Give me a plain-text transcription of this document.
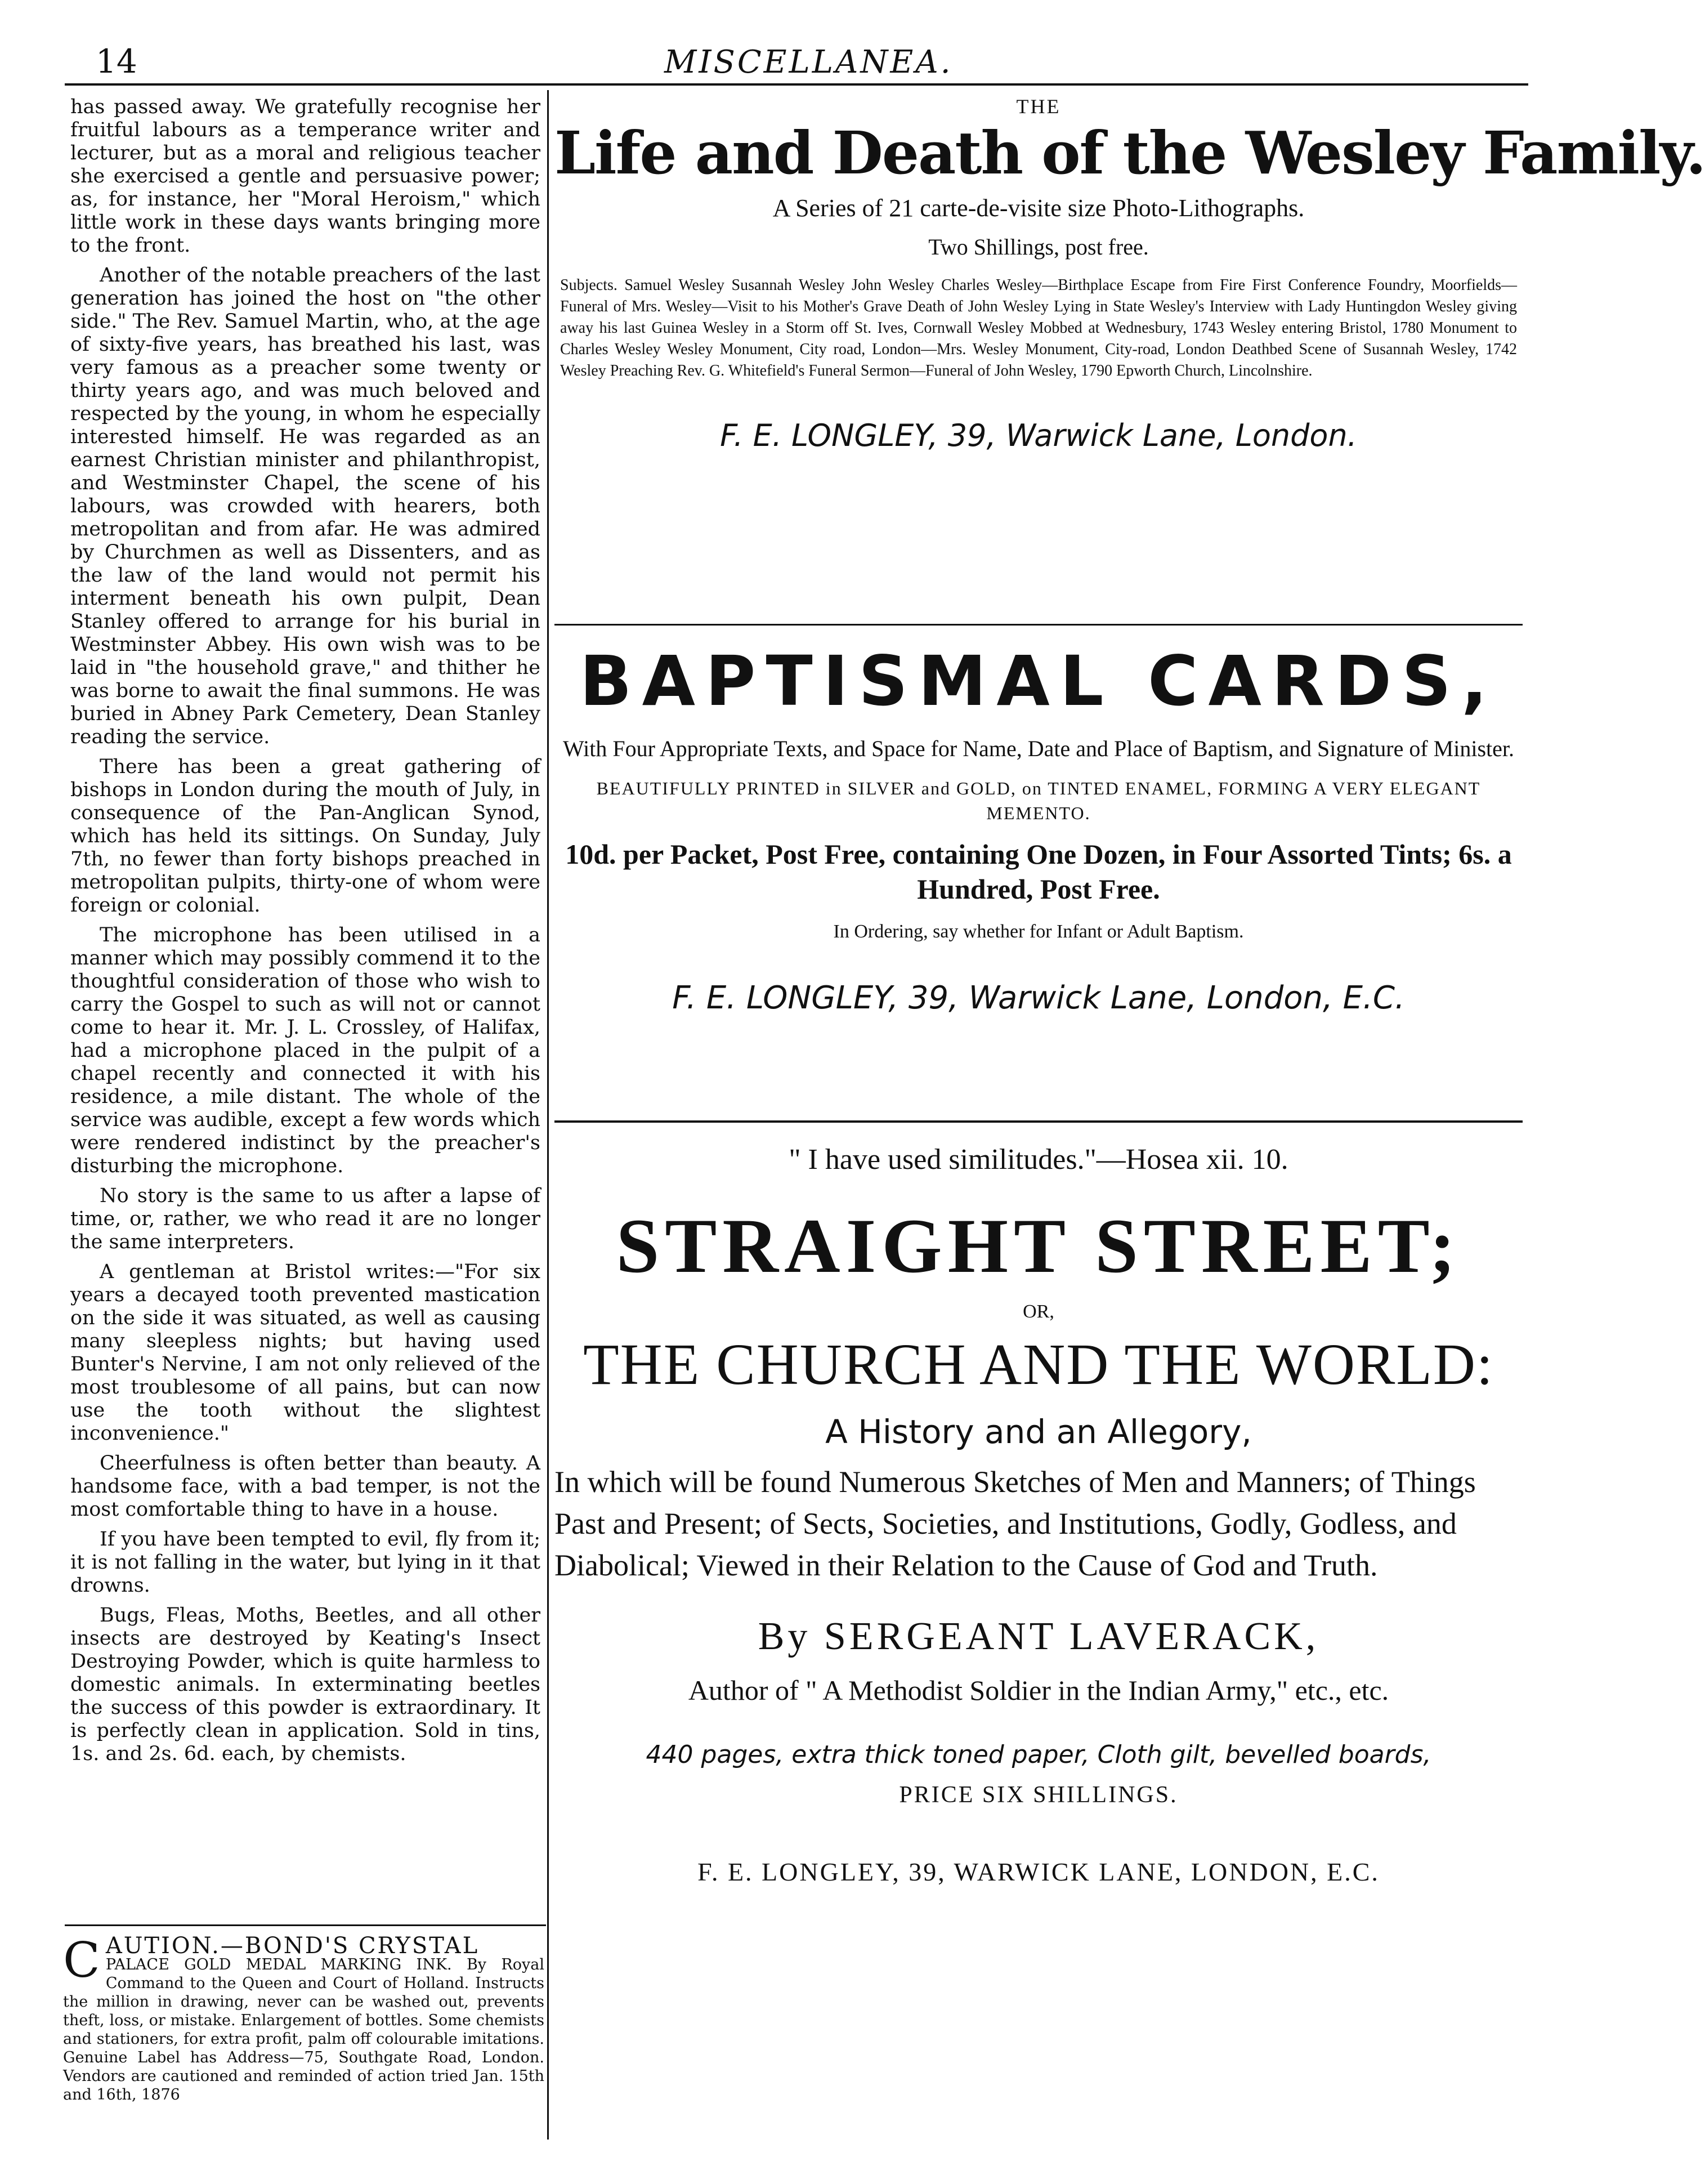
14	MISCELLANEA.

has passed away. We gratefully recognise her fruitful labours as a temperance writer and lecturer, but as a moral and religious teacher she exercised a gentle and persuasive power; as, for instance, her "Moral Heroism," which little work in these days wants bringing more to the front.

Another of the notable preachers of the last generation has joined the host on "the other side." The Rev. Samuel Martin, who, at the age of sixty-five years, has breathed his last, was very famous as a preacher some twenty or thirty years ago, and was much beloved and respected by the young, in whom he especially interested himself. He was regarded as an earnest Christian minister and philanthropist, and Westminster Chapel, the scene of his labours, was crowded with hearers, both metropolitan and from afar. He was admired by Churchmen as well as Dissenters, and as the law of the land would not permit his interment beneath his own pulpit, Dean Stanley offered to arrange for his burial in Westminster Abbey. His own wish was to be laid in "the household grave," and thither he was borne to await the final summons. He was buried in Abney Park Cemetery, Dean Stanley reading the service.

There has been a great gathering of bishops in London during the mouth of July, in consequence of the Pan-Anglican Synod, which has held its sittings. On Sunday, July 7th, no fewer than forty bishops preached in metropolitan pulpits, thirty-one of whom were foreign or colonial.

The microphone has been utilised in a manner which may possibly commend it to the thoughtful consideration of those who wish to carry the Gospel to such as will not or cannot come to hear it. Mr. J. L. Crossley, of Halifax, had a microphone placed in the pulpit of a chapel recently and connected it with his residence, a mile distant. The whole of the service was audible, except a few words which were rendered indistinct by the preacher's disturbing the microphone.

No story is the same to us after a lapse of time, or, rather, we who read it are no longer the same interpreters.

A gentleman at Bristol writes:—"For six years a decayed tooth prevented mastication on the side it was situated, as well as causing many sleepless nights; but having used Bunter's Nervine, I am not only relieved of the most troublesome of all pains, but can now use the tooth without the slightest inconvenience."

Cheerfulness is often better than beauty. A handsome face, with a bad temper, is not the most comfortable thing to have in a house.

If you have been tempted to evil, fly from it; it is not falling in the water, but lying in it that drowns.

Bugs, Fleas, Moths, Beetles, and all other insects are destroyed by Keating's Insect Destroying Powder, which is quite harmless to domestic animals. In exterminating beetles the success of this powder is extraordinary. It is perfectly clean in application. Sold in tins, 1s. and 2s. 6d. each, by chemists.

C AUTION.—BOND'S CRYSTAL
PALACE GOLD MEDAL MARKING INK. By Royal Command to the Queen and Court of Holland. Instructs the million in drawing, never can be washed out, prevents theft, loss, or mistake. Enlargement of bottles. Some chemists and stationers, for extra profit, palm off colourable imitations. Genuine Label has Address—75, Southgate Road, London. Vendors are cautioned and reminded of action tried Jan. 15th and 16th, 1876
THE
Life and Death of the Wesley Family.
A Series of 21 carte-de-visite size Photo-Lithographs.
Two Shillings, post free.
Subjects. Samuel Wesley Susannah Wesley John Wesley Charles Wesley—Birthplace Escape from Fire First Conference Foundry, Moorfields—Funeral of Mrs. Wesley—Visit to his Mother's Grave Death of John Wesley Lying in State Wesley's Interview with Lady Huntingdon Wesley giving away his last Guinea Wesley in a Storm off St. Ives, Cornwall Wesley Mobbed at Wednesbury, 1743 Wesley entering Bristol, 1780 Monument to Charles Wesley Wesley Monument, City road, London—Mrs. Wesley Monument, City-road, London Deathbed Scene of Susannah Wesley, 1742 Wesley Preaching Rev. G. Whitefield's Funeral Sermon—Funeral of John Wesley, 1790 Epworth Church, Lincolnshire.
F. E. LONGLEY, 39, Warwick Lane, London.
BAPTISMAL CARDS,
With Four Appropriate Texts, and Space for Name, Date and Place of Baptism, and Signature of Minister.
BEAUTIFULLY PRINTED in SILVER and GOLD, on TINTED ENAMEL, FORMING A VERY ELEGANT MEMENTO.
10d. per Packet, Post Free, containing One Dozen, in Four Assorted Tints; 6s. a Hundred, Post Free.
In Ordering, say whether for Infant or Adult Baptism.
F. E. LONGLEY, 39, Warwick Lane, London, E.C.
" I have used similitudes."—Hosea xii. 10.
STRAIGHT STREET;
OR,
THE CHURCH AND THE WORLD:
A History and an Allegory,
In which will be found Numerous Sketches of Men and Manners; of Things Past and Present; of Sects, Societies, and Institutions, Godly, Godless, and Diabolical; Viewed in their Relation to the Cause of God and Truth.
By SERGEANT LAVERACK,
Author of " A Methodist Soldier in the Indian Army," etc., etc.
440 pages, extra thick toned paper, Cloth gilt, bevelled boards,
PRICE SIX SHILLINGS.
F. E. LONGLEY, 39, WARWICK LANE, LONDON, E.C.
